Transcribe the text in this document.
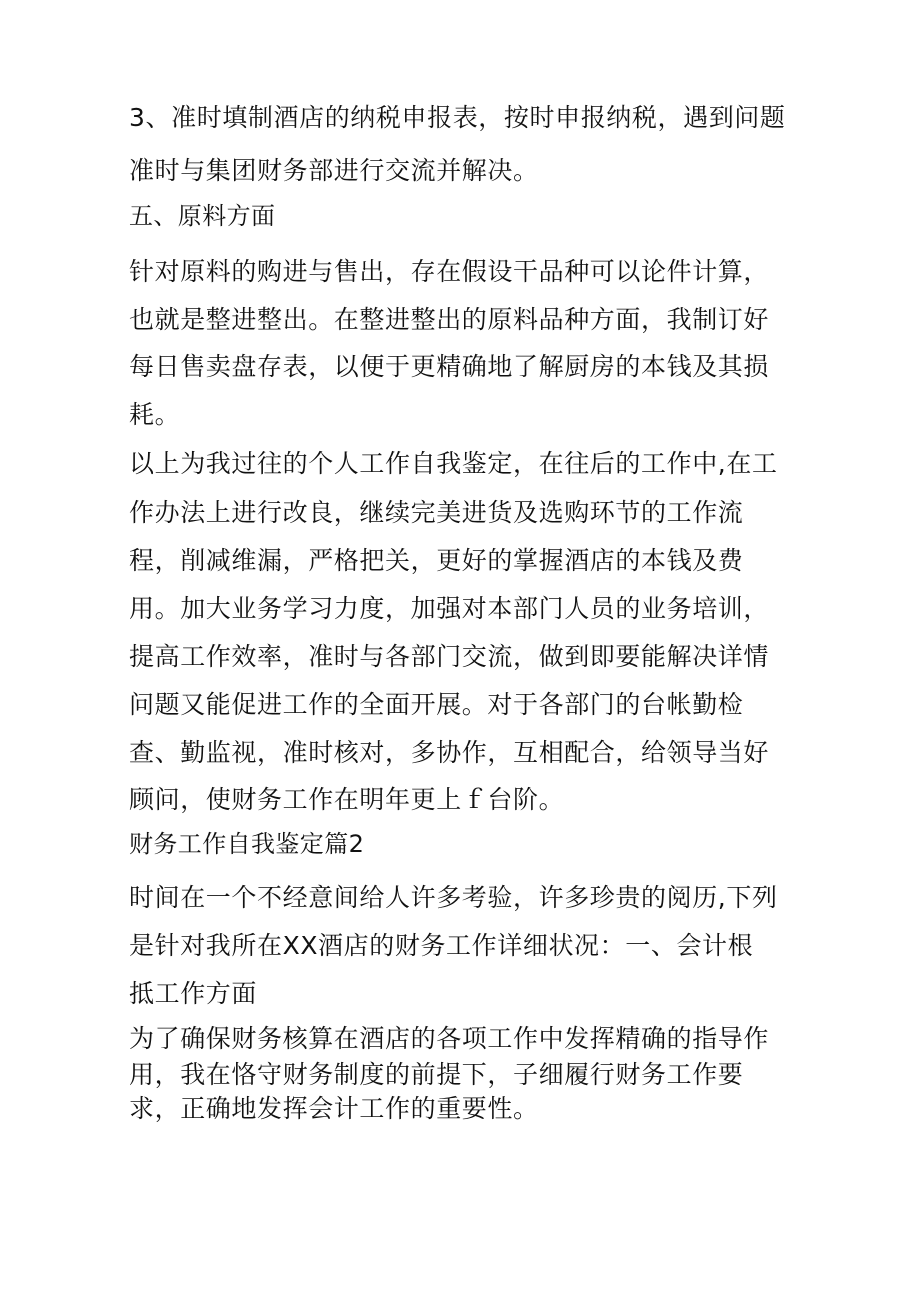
3、准时填制酒店的纳税申报表，按时申报纳税，遇到问题
准时与集团财务部进行交流并解决。
五、原料方面
针对原料的购进与售出，存在假设干品种可以论件计算，
也就是整进整出。在整进整出的原料品种方面，我制订好
每日售卖盘存表，以便于更精确地了解厨房的本钱及其损
耗。
以上为我过往的个人工作自我鉴定，在往后的工作中,在工
作办法上进行改良，继续完美进货及选购环节的工作流
程，削减维漏，严格把关，更好的掌握酒店的本钱及费
用。加大业务学习力度，加强对本部门人员的业务培训，
提高工作效率，准时与各部门交流，做到即要能解决详情
问题又能促进工作的全面开展。对于各部门的台帐勤检
查、勤监视，准时核对，多协作，互相配合，给领导当好
顾问，使财务工作在明年更上ｆ台阶。
财务工作自我鉴定篇2
时间在一个不经意间给人许多考验，许多珍贵的阅历,下列
是针对我所在XX酒店的财务工作详细状况：一、会计根
抵工作方面
为了确保财务核算在酒店的各项工作中发挥精确的指导作
用，我在恪守财务制度的前提下，子细履行财务工作要
求，正确地发挥会计工作的重要性。
